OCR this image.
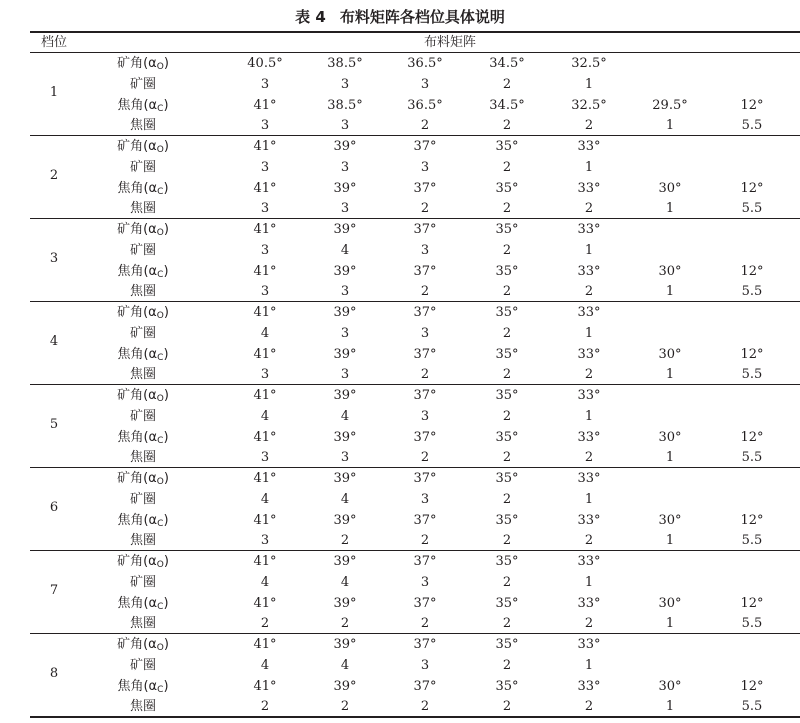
表 4 布料矩阵各档位具体说明
档位	布料矩阵
1
矿角$(\alpha_O)$	40.5°	38.5°	36.5°	34.5°	32.5°
矿圈	3	3	3	2	1
焦角$(\alpha_C)$	41°	38.5°	36.5°	34.5°	32.5°	29.5°	12°
焦圈	3	3	2	2	2	1	5.5
2
矿角$(\alpha_O)$	41°	39°	37°	35°	33°
矿圈	3	3	3	2	1
焦角$(\alpha_C)$	41°	39°	37°	35°	33°	30°	12°
焦圈	3	3	2	2	2	1	5.5
3
矿角$(\alpha_O)$	41°	39°	37°	35°	33°
矿圈	3	4	3	2	1
焦角$(\alpha_C)$	41°	39°	37°	35°	33°	30°	12°
焦圈	3	3	2	2	2	1	5.5
4
矿角$(\alpha_O)$	41°	39°	37°	35°	33°
矿圈	4	3	3	2	1
焦角$(\alpha_C)$	41°	39°	37°	35°	33°	30°	12°
焦圈	3	3	2	2	2	1	5.5
5
矿角$(\alpha_O)$	41°	39°	37°	35°	33°
矿圈	4	4	3	2	1
焦角$(\alpha_C)$	41°	39°	37°	35°	33°	30°	12°
焦圈	3	3	2	2	2	1	5.5
6
矿角$(\alpha_O)$	41°	39°	37°	35°	33°
矿圈	4	4	3	2	1
焦角$(\alpha_C)$	41°	39°	37°	35°	33°	30°	12°
焦圈	3	2	2	2	2	1	5.5
7
矿角$(\alpha_O)$	41°	39°	37°	35°	33°
矿圈	4	4	3	2	1
焦角$(\alpha_C)$	41°	39°	37°	35°	33°	30°	12°
焦圈	2	2	2	2	2	1	5.5
8
矿角$(\alpha_O)$	41°	39°	37°	35°	33°
矿圈	4	4	3	2	1
焦角$(\alpha_C)$	41°	39°	37°	35°	33°	30°	12°
焦圈	2	2	2	2	2	1	5.5
